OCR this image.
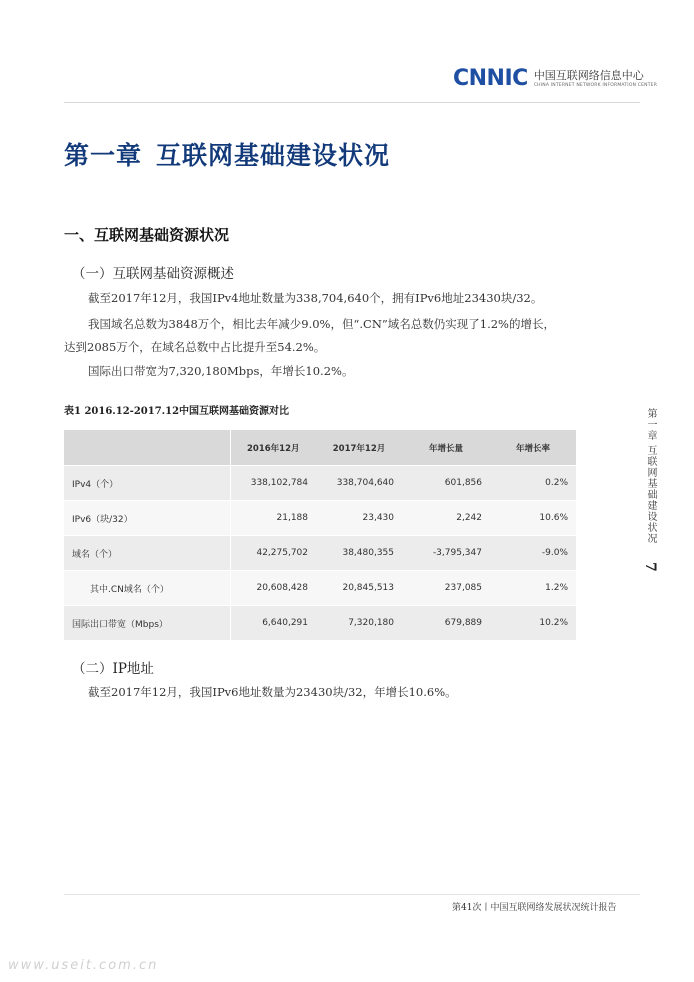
CNNIC 中国互联网络信息中心
CHINA INTERNET NETWORK INFORMATION CENTER
第一章 互联网基础建设状况
一、互联网基础资源状况
（一）互联网基础资源概述
截至2017年12月，我国IPv4地址数量为338,704,640个，拥有IPv6地址23430块/32。
我国域名总数为3848万个，相比去年减少9.0%，但“.CN”域名总数仍实现了1.2%的增长，
达到2085万个，在域名总数中占比提升至54.2%。
国际出口带宽为7,320,180Mbps，年增长10.2%。
表1 2016.12-2017.12中国互联网基础资源对比
	2016年12月	2017年12月	年增长量	年增长率
IPv4（个）	338,102,784	338,704,640	601,856	0.2%
IPv6（块/32）	21,188	23,430	2,242	10.6%
域名（个）	42,275,702	38,480,355	-3,795,347	-9.0%
其中.CN域名（个）	20,608,428	20,845,513	237,085	1.2%
国际出口带宽（Mbps）	6,640,291	7,320,180	679,889	10.2%
（二）IP地址
截至2017年12月，我国IPv6地址数量为23430块/32，年增长10.6%。
第一章 互联网基础建设状况
7
第41次丨中国互联网络发展状况统计报告
www.useit.com.cn
